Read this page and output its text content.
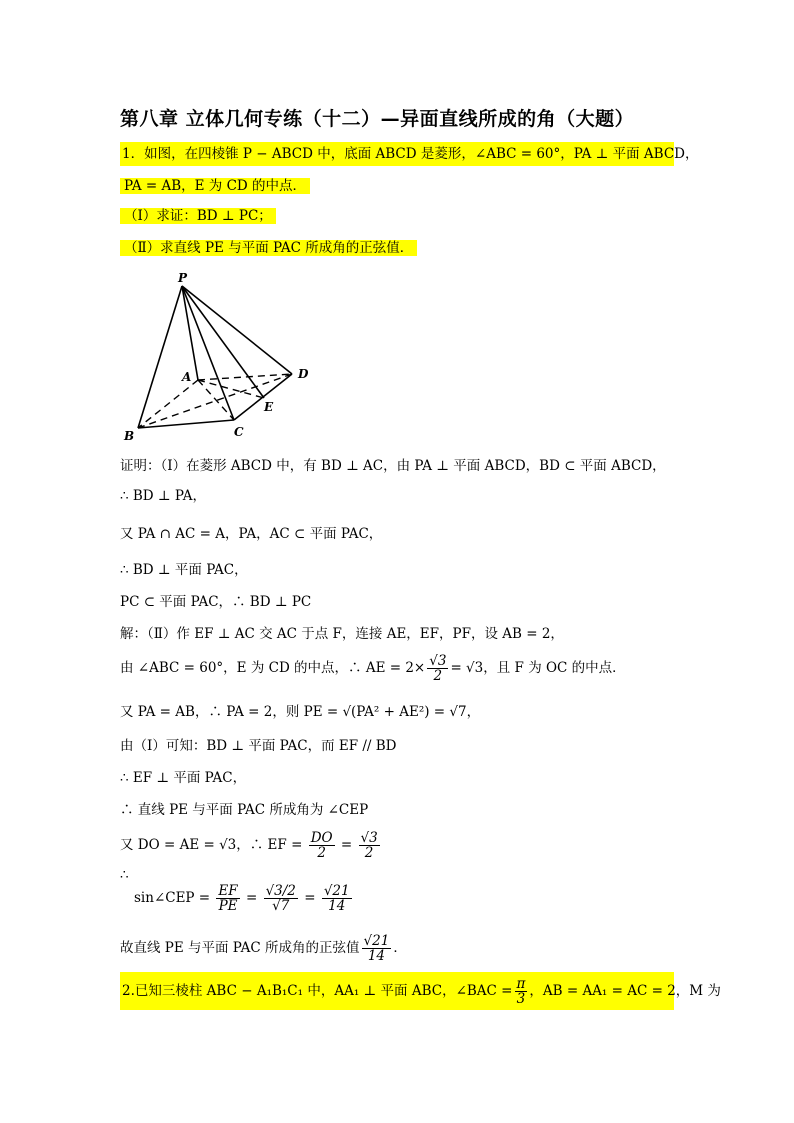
第八章 立体几何专练（十二）—异面直线所成的角（大题）
1．如图，在四棱锥 P − ABCD 中，底面 ABCD 是菱形，∠ABC = 60°，PA ⊥ 平面 ABCD，
PA = AB，E 为 CD 的中点．
（Ⅰ）求证：BD ⊥ PC；
（Ⅱ）求直线 PE 与平面 PAC 所成角的正弦值．
P
A
B	C
D
E
证明：（Ⅰ）在菱形 ABCD 中，有 BD ⊥ AC，由 PA ⊥ 平面 ABCD，BD ⊂ 平面 ABCD，
∴ BD ⊥ PA，
又 PA ∩ AC = A，PA，AC ⊂ 平面 PAC，
∴ BD ⊥ 平面 PAC，
PC ⊂ 平面 PAC，∴ BD ⊥ PC
解：（Ⅱ）作 EF ⊥ AC 交 AC 于点 F，连接 AE，EF，PF，设 AB = 2，
由 ∠ABC = 60°，E 为 CD 的中点，∴ AE = $2\times \frac{√3}{2} = √3$，且 F 为 OC 的中点．
又 PA = AB，∴ PA = 2，则 PE = √(PA² + AE²) = √7，
由（Ⅰ）可知：BD ⊥ 平面 PAC，而 EF // BD
∴ EF ⊥ 平面 PAC，
∴ 直线 PE 与平面 PAC 所成角为 ∠CEP
又 DO = AE = √3，∴ EF = $\frac{DO}{2} = \frac{√3}{2}$
∴
sin∠CEP = $\frac{EF}{PE} = \frac{√3/2}{√7} = \frac{√21}{14}$
故直线 PE 与平面 PAC 所成角的正弦值 $\frac{√21}{14}$ ．
2.已知三棱柱 ABC − A₁B₁C₁ 中，AA₁ ⊥ 平面 ABC，∠BAC = $\frac{\pi}{3}$ ，AB = AA₁ = AC = 2，M 为
